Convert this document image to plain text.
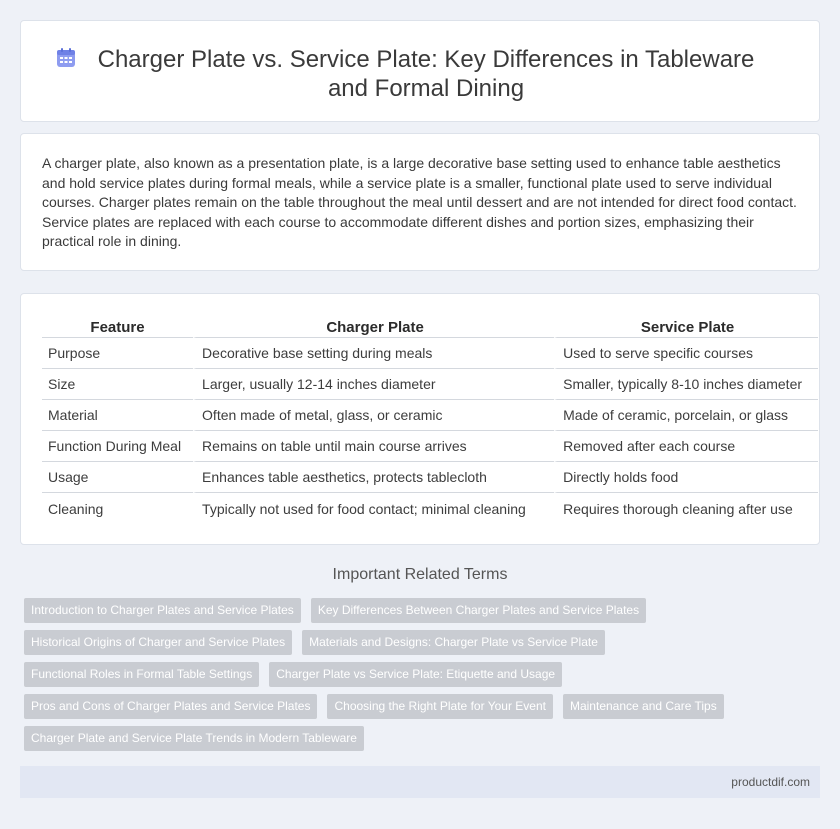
Charger Plate vs. Service Plate: Key Differences in Tableware and Formal Dining

A charger plate, also known as a presentation plate, is a large decorative base setting used to enhance table aesthetics and hold service plates during formal meals, while a service plate is a smaller, functional plate used to serve individual courses. Charger plates remain on the table throughout the meal until dessert and are not intended for direct food contact. Service plates are replaced with each course to accommodate different dishes and portion sizes, emphasizing their practical role in dining.

Feature	Charger Plate	Service Plate
Purpose	Decorative base setting during meals	Used to serve specific courses
Size	Larger, usually 12-14 inches diameter	Smaller, typically 8-10 inches diameter
Material	Often made of metal, glass, or ceramic	Made of ceramic, porcelain, or glass
Function During Meal	Remains on table until main course arrives	Removed after each course
Usage	Enhances table aesthetics, protects tablecloth	Directly holds food
Cleaning	Typically not used for food contact; minimal cleaning	Requires thorough cleaning after use
Important Related Terms
Introduction to Charger Plates and Service Plates Key Differences Between Charger Plates and Service Plates
Historical Origins of Charger and Service Plates Materials and Designs: Charger Plate vs Service Plate
Functional Roles in Formal Table Settings Charger Plate vs Service Plate: Etiquette and Usage
Pros and Cons of Charger Plates and Service Plates Choosing the Right Plate for Your Event Maintenance and Care Tips
Charger Plate and Service Plate Trends in Modern Tableware
productdif.com
